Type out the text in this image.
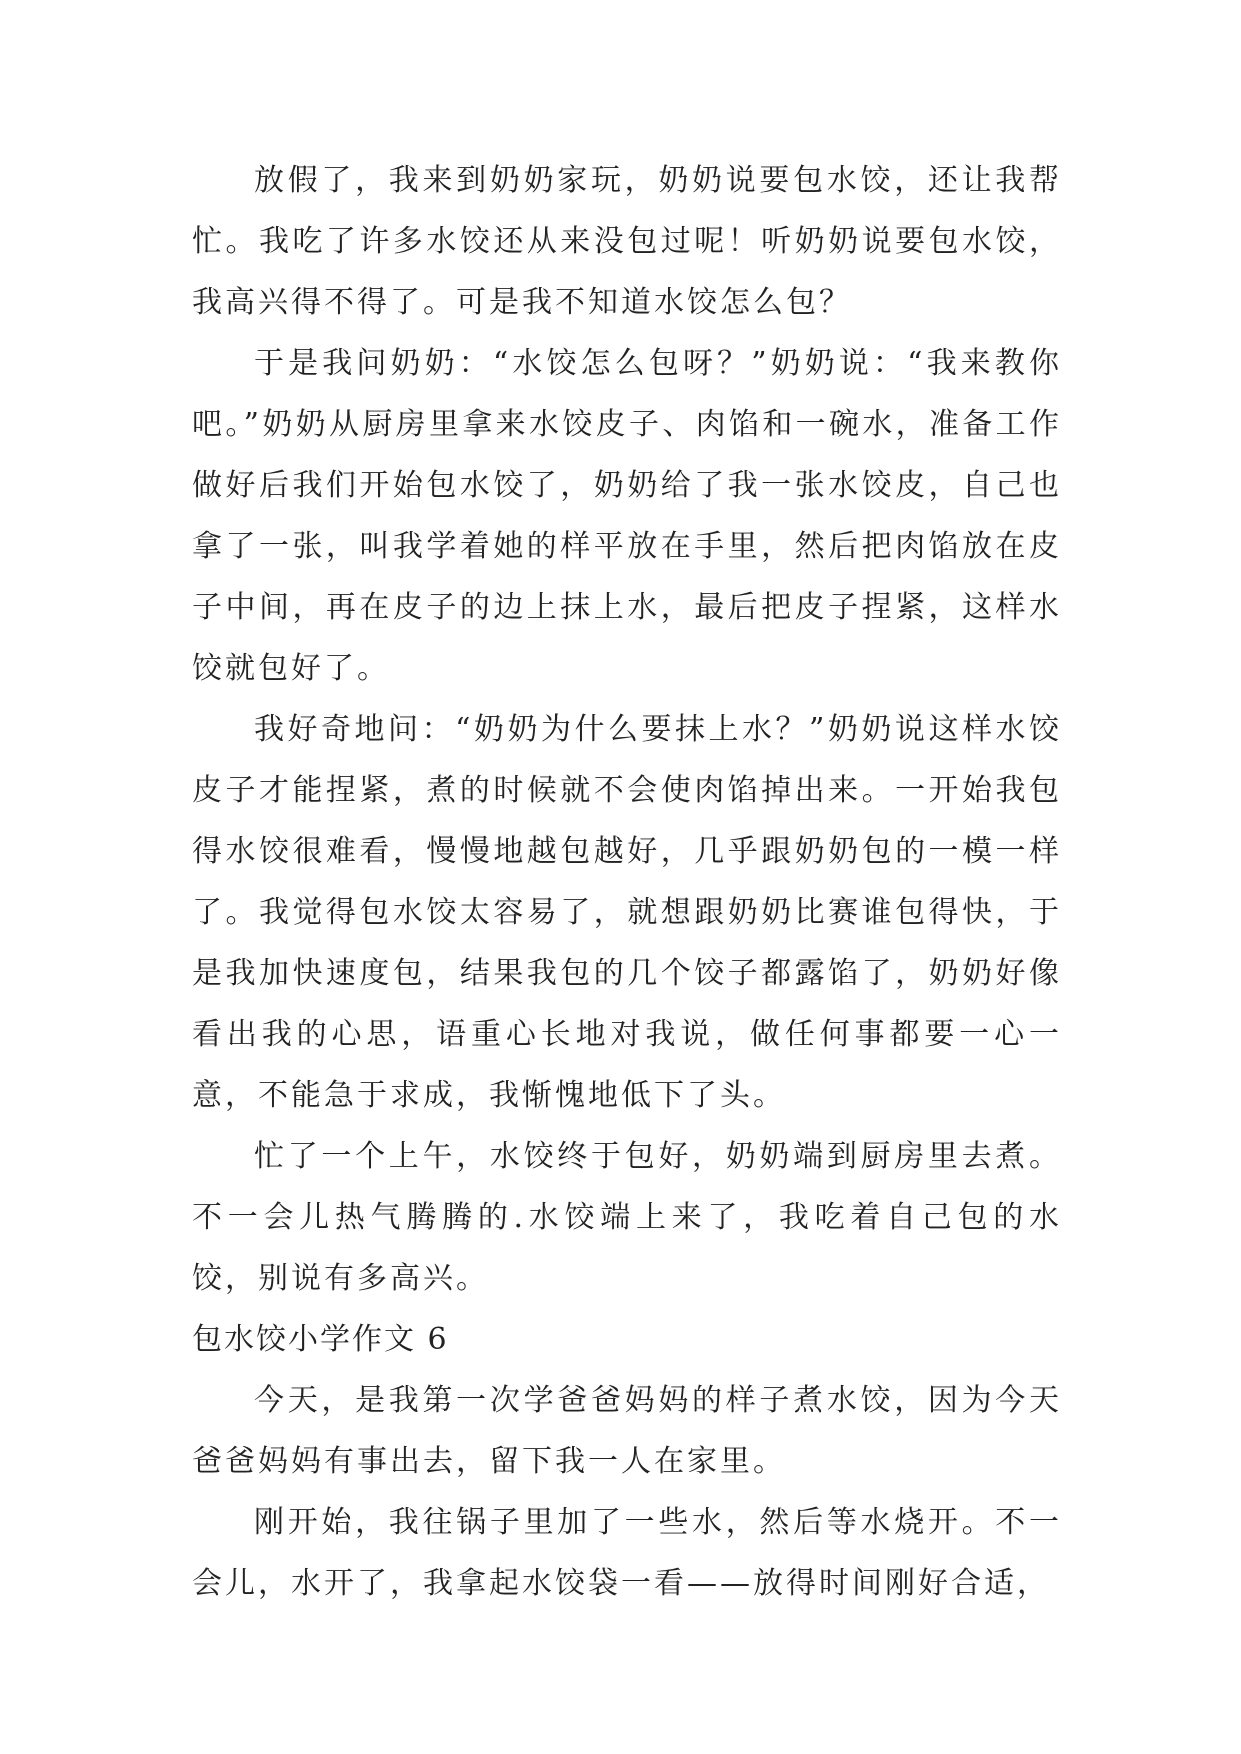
放假了，我来到奶奶家玩，奶奶说要包水饺，还让我帮忙。我吃了许多水饺还从来没包过呢！听奶奶说要包水饺，我高兴得不得了。可是我不知道水饺怎么包？

于是我问奶奶：“水饺怎么包呀？”奶奶说：“我来教你吧。”奶奶从厨房里拿来水饺皮子、肉馅和一碗水，准备工作做好后我们开始包水饺了，奶奶给了我一张水饺皮，自己也拿了一张，叫我学着她的样平放在手里，然后把肉馅放在皮子中间，再在皮子的边上抹上水，最后把皮子捏紧，这样水饺就包好了。

我好奇地问：“奶奶为什么要抹上水？”奶奶说这样水饺皮子才能捏紧，煮的时候就不会使肉馅掉出来。一开始我包得水饺很难看，慢慢地越包越好，几乎跟奶奶包的一模一样了。我觉得包水饺太容易了，就想跟奶奶比赛谁包得快，于是我加快速度包，结果我包的几个饺子都露馅了，奶奶好像看出我的心思，语重心长地对我说，做任何事都要一心一意，不能急于求成，我惭愧地低下了头。

忙了一个上午，水饺终于包好，奶奶端到厨房里去煮。不一会儿热气腾腾的.水饺端上来了，我吃着自己包的水饺，别说有多高兴。

包水饺小学作文 6

今天，是我第一次学爸爸妈妈的样子煮水饺，因为今天爸爸妈妈有事出去，留下我一人在家里。

刚开始，我往锅子里加了一些水，然后等水烧开。不一会儿，水开了，我拿起水饺袋一看——放得时间刚好合适，
